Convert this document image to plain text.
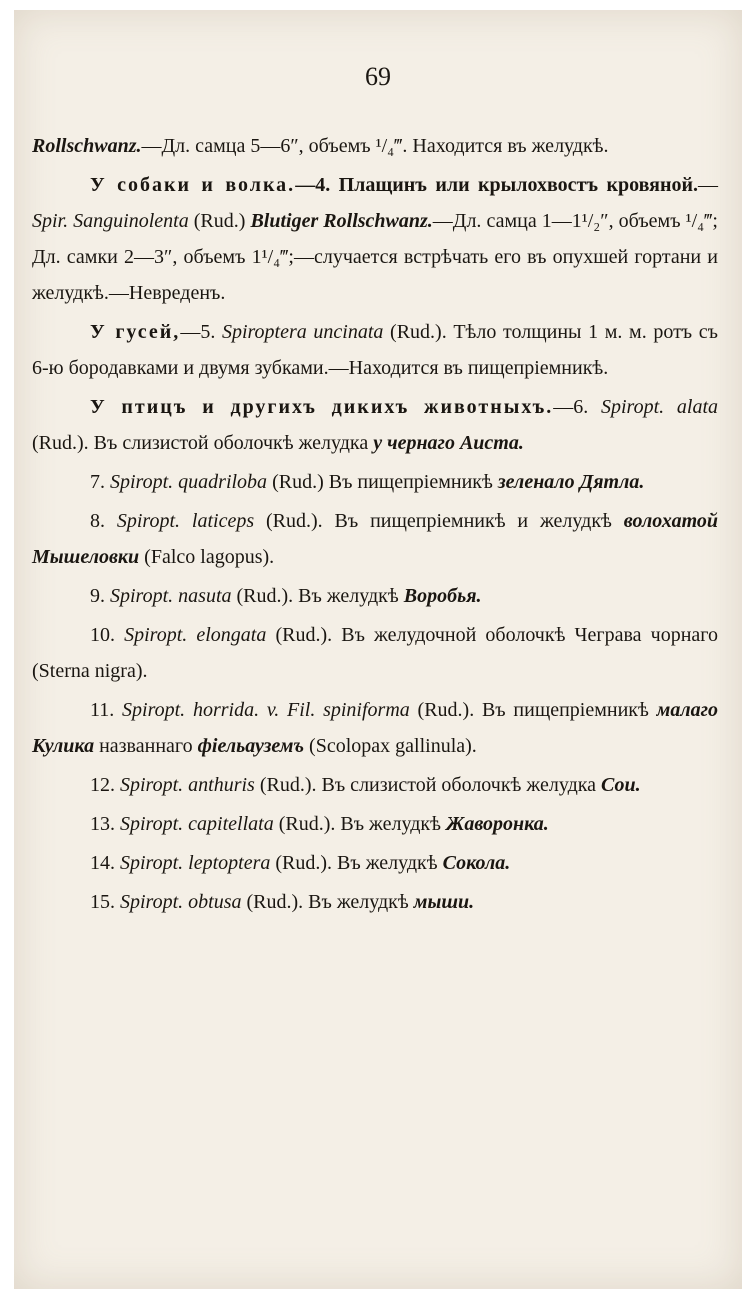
69

Rollschwanz.—Дл. самца 5—6″, объемъ ¹/₄‴. Находится въ желудкѣ.

У собаки и волка.—4. Плащинъ или крылохвостъ кровяной.—Spir. Sanguinolenta (Rud.) Blutiger Rollschwanz.—Дл. самца 1—1¹/₂″, объемъ ¹/₄‴; Дл. самки 2—3″, объемъ 1¹/₄‴;—случается встрѣчать его въ опухшей гортани и желудкѣ.—Невреденъ.

У гусей,—5. Spiroptera uncinata (Rud.). Тѣло толщины 1 м. м. ротъ съ 6-ю бородавками и двумя зубками.—Находится въ пищепріемникѣ.

У птицъ и другихъ дикихъ животныхъ.—6. Spiropt. alata (Rud.). Въ слизистой оболочкѣ желудка у чернаго Аиста.

7. Spiropt. quadriloba (Rud.) Въ пищепріемникѣ зеленало Дятла.

8. Spiropt. laticeps (Rud.). Въ пищепріемникѣ и желудкѣ волохатой Мышеловки (Falco lagopus).

9. Spiropt. nasuta (Rud.). Въ желудкѣ Воробья.

10. Spiropt. elongata (Rud.). Въ желудочной оболочкѣ Чеграва чорнаго (Sterna nigra).

11. Spiropt. horrida. v. Fil. spiniforma (Rud.). Въ пищепріемникѣ малаго Кулика названнаго фіельауземъ (Scolopax gallinula).

12. Spiropt. anthuris (Rud.). Въ слизистой оболочкѣ желудка Сои.

13. Spiropt. capitellata (Rud.). Въ желудкѣ Жаворонка.

14. Spiropt. leptoptera (Rud.). Въ желудкѣ Сокола.

15. Spiropt. obtusa (Rud.). Въ желудкѣ мыши.
